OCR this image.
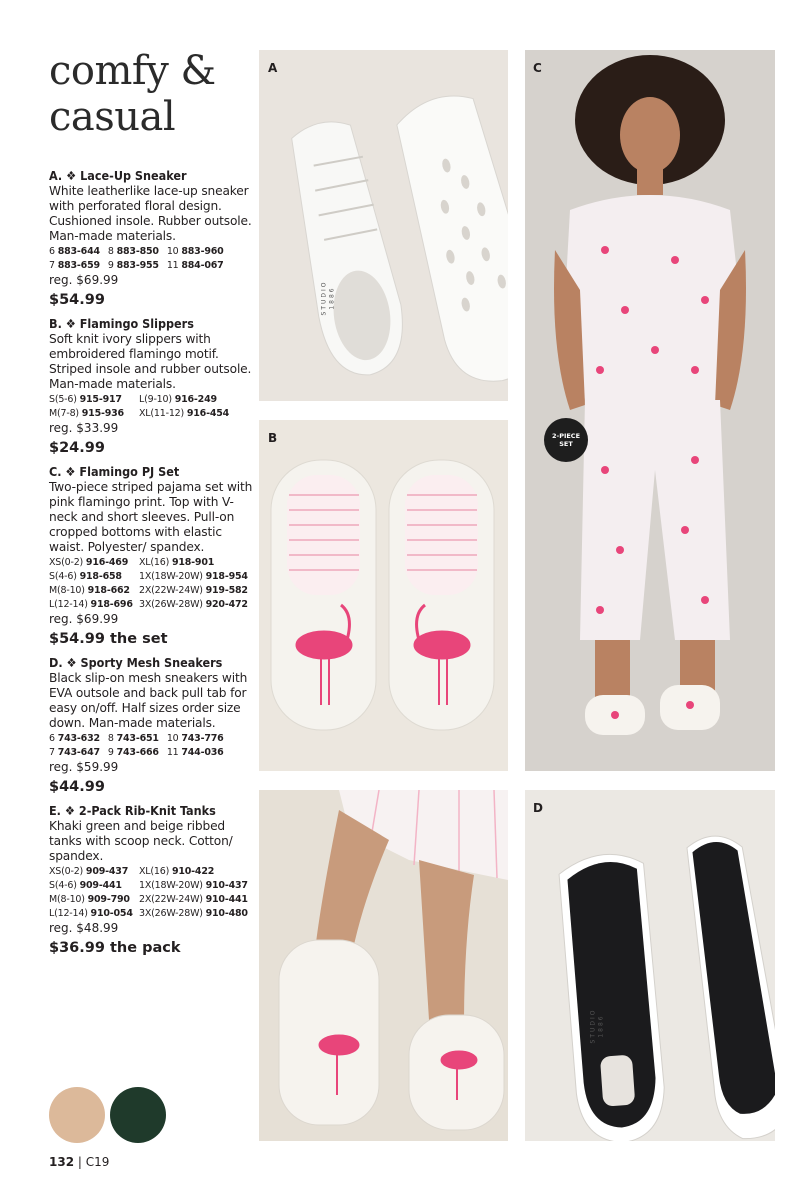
comfy &
casual
A. ❖ Lace-Up Sneaker
White leatherlike lace-up sneaker with perforated floral design. Cushioned insole. Rubber outsole. Man-made materials.
6 883-644 8 883-850 10 883-960
7 883-659 9 883-955 11 884-067
reg. $69.99
$54.99
B. ❖ Flamingo Slippers
Soft knit ivory slippers with embroidered flamingo motif. Striped insole and rubber outsole. Man-made materials.
S(5-6) 915-917	L(9-10) 916-249
M(7-8) 915-936	XL(11-12) 916-454
reg. $33.99
$24.99
C. ❖ Flamingo PJ Set
Two-piece striped pajama set with pink flamingo print. Top with V-neck and short sleeves. Pull-on cropped bottoms with elastic waist. Polyester/ spandex.
XS(0-2) 916-469	XL(16) 918-901
S(4-6) 918-658	1X(18W-20W) 918-954
M(8-10) 918-662 2X(22W-24W) 919-582
L(12-14) 918-696 3X(26W-28W) 920-472
reg. $69.99
$54.99 the set
D. ❖ Sporty Mesh Sneakers
Black slip-on mesh sneakers with EVA outsole and back pull tab for easy on/off. Half sizes order size down. Man-made materials.
6 743-632 8 743-651 10 743-776
7 743-647 9 743-666 11 744-036
reg. $59.99
$44.99
E. ❖ 2-Pack Rib-Knit Tanks
Khaki green and beige ribbed tanks with scoop neck. Cotton/ spandex.
XS(0-2) 909-437	XL(16) 910-422
S(4-6) 909-441	1X(18W-20W) 910-437
M(8-10) 909-790 2X(22W-24W) 910-441
L(12-14) 910-054 3X(26W-28W) 910-480
reg. $48.99
$36.99 the pack
132 | C19
STUDIO 1886
A
B
C
2-PIECE
SET
STUDIO 1886
D
